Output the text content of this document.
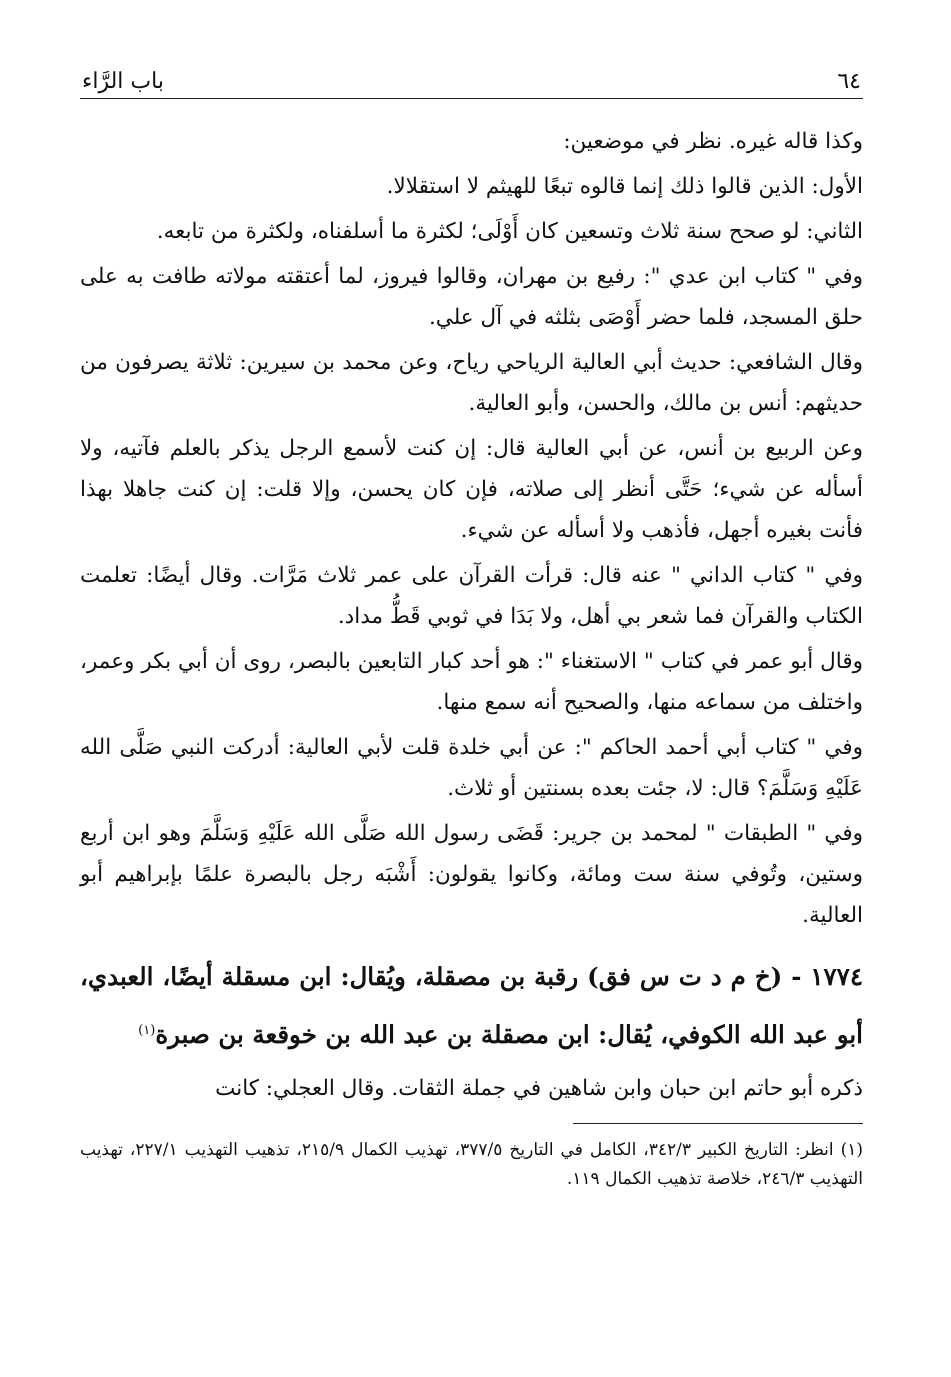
٦٤
باب الرَّاء

وكذا قاله غيره. نظر في موضعين:

الأول: الذين قالوا ذلك إنما قالوه تبعًا للهيثم لا استقلالا.

الثاني: لو صحح سنة ثلاث وتسعين كان أَوْلَى؛ لكثرة ما أسلفناه، ولكثرة من تابعه.

وفي " كتاب ابن عدي ": رفيع بن مهران، وقالوا فيروز، لما أعتقته مولاته طافت به على حلق المسجد، فلما حضر أَوْصَى بثلثه في آل علي.

وقال الشافعي: حديث أبي العالية الرياحي رياح، وعن محمد بن سيرين: ثلاثة يصرفون من حديثهم: أنس بن مالك، والحسن، وأبو العالية.

وعن الربيع بن أنس، عن أبي العالية قال: إن كنت لأسمع الرجل يذكر بالعلم فآتيه، ولا أسأله عن شيء؛ حَتَّى أنظر إلى صلاته، فإن كان يحسن، وإلا قلت: إن كنت جاهلا بهذا فأنت بغيره أجهل، فأذهب ولا أسأله عن شيء.

وفي " كتاب الداني " عنه قال: قرأت القرآن على عمر ثلاث مَرَّات. وقال أيضًا: تعلمت الكتاب والقرآن فما شعر بي أهل، ولا بَدَا في ثوبي قَطُّ مداد.

وقال أبو عمر في كتاب " الاستغناء ": هو أحد كبار التابعين بالبصر، روى أن أبي بكر وعمر، واختلف من سماعه منها، والصحيح أنه سمع منها.

وفي " كتاب أبي أحمد الحاكم ": عن أبي خلدة قلت لأبي العالية: أدركت النبي صَلَّى الله عَلَيْهِ وَسَلَّمَ؟ قال: لا، جئت بعده بسنتين أو ثلاث.

وفي " الطبقات " لمحمد بن جرير: قَضَى رسول الله صَلَّى الله عَلَيْهِ وَسَلَّمَ وهو ابن أربع وستين، وتُوفي سنة ست ومائة، وكانوا يقولون: أَشْبَه رجل بالبصرة علمًا بإبراهيم أبو العالية.

١٧٧٤ - (خ م د ت س فق) رقبة بن مصقلة، ويُقال: ابن مسقلة أيضًا، العبدي، أبو عبد الله الكوفي، يُقال: ابن مصقلة بن عبد الله بن خوقعة بن صبرة$^{(١)}$

ذكره أبو حاتم ابن حبان وابن شاهين في جملة الثقات. وقال العجلي: كانت

(١) انظر: التاريخ الكبير ٣٤٢/٣، الكامل في التاريخ ٣٧٧/٥، تهذيب الكمال ٢١٥/٩، تذهيب التهذيب ٢٢٧/١، تهذيب التهذيب ٢٤٦/٣، خلاصة تذهيب الكمال ١١٩.
